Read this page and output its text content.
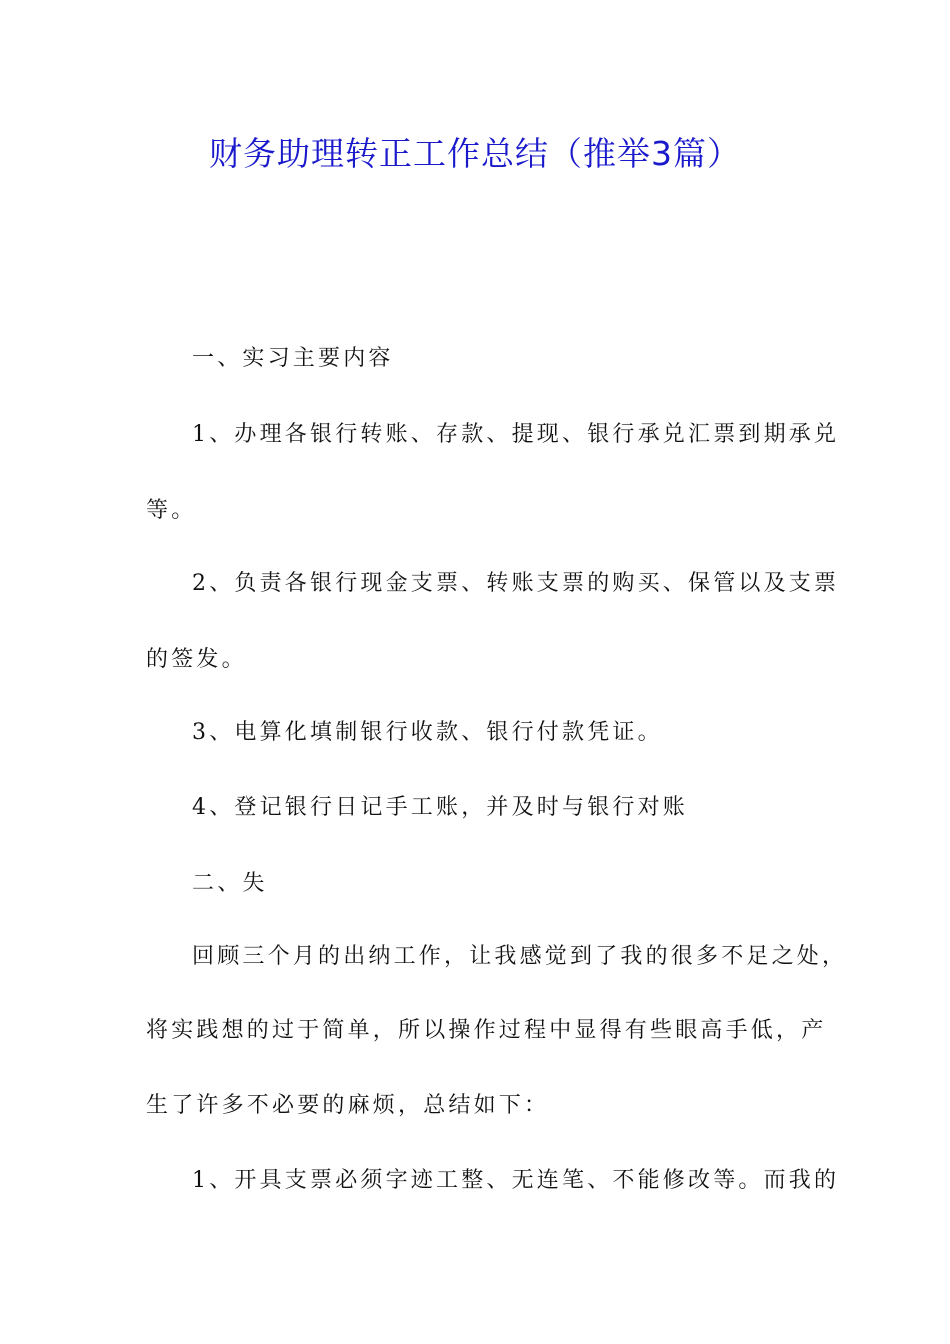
财务助理转正工作总结（推举3篇）
一、实习主要内容
1、办理各银行转账、存款、提现、银行承兑汇票到期承兑
等。
2、负责各银行现金支票、转账支票的购买、保管以及支票
的签发。
3、电算化填制银行收款、银行付款凭证。
4、登记银行日记手工账，并及时与银行对账
二、失
回顾三个月的出纳工作，让我感觉到了我的很多不足之处，
将实践想的过于简单，所以操作过程中显得有些眼高手低，产
生了许多不必要的麻烦，总结如下：
1、开具支票必须字迹工整、无连笔、不能修改等。而我的
